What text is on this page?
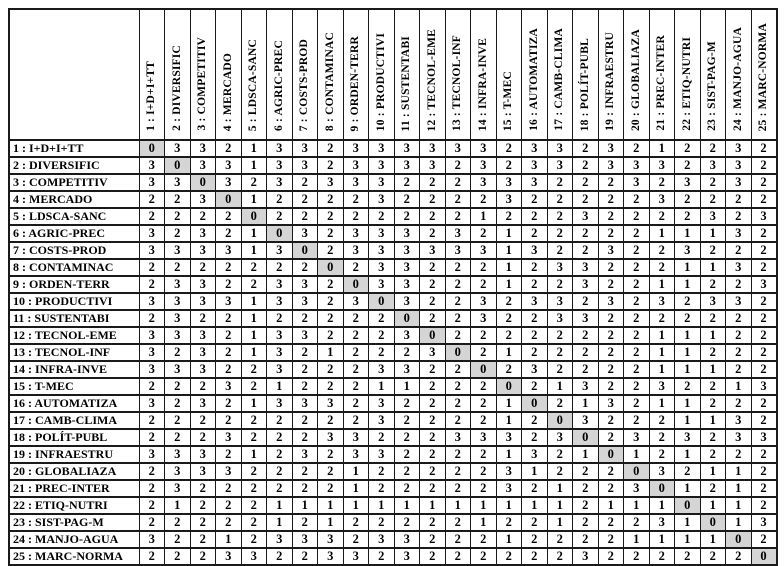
	1 : I+D+I+TT	2 : DIVERSIFIC	3 : COMPETITIV	4 : MERCADO	5 : LDSCA-SANC	6 : AGRIC-PREC	7 : COSTS-PROD	8 : CONTAMINAC	9 : ORDEN-TERR	10 : PRODUCTIVI	11 : SUSTENTABI	12 : TECNOL-EME	13 : TECNOL-INF	14 : INFRA-INVE	15 : T-MEC	16 : AUTOMATIZA	17 : CAMB-CLIMA	18 : POLÍT-PUBL	19 : INFRAESTRU	20 : GLOBALIAZA	21 : PREC-INTER	22 : ETIQ-NUTRI	23 : SIST-PAG-M	24 : MANJO-AGUA	25 : MARC-NORMA
1 : I+D+I+TT	0	3	3	2	1	3	3	2	3	3	3	3	3	3	2	3	3	2	3	2	1	2	2	3	2
2 : DIVERSIFIC	3	0	3	3	1	3	3	2	3	3	3	3	2	3	2	3	3	2	3	3	3	2	3	3	2
3 : COMPETITIV	3	3	0	3	2	3	2	3	3	3	2	2	2	3	3	3	2	2	2	3	2	3	2	3	2
4 : MERCADO	2	2	3	0	1	2	2	2	2	3	2	2	2	2	3	2	2	2	2	2	3	2	2	2	2
5 : LDSCA-SANC	2	2	2	2	0	2	2	2	2	2	2	2	2	1	2	2	2	3	2	2	2	2	3	2	3
6 : AGRIC-PREC	3	2	3	2	1	0	3	2	3	3	3	2	3	2	1	2	2	2	2	2	1	1	1	3	2
7 : COSTS-PROD	3	3	3	3	1	3	0	2	3	3	3	3	3	3	1	3	2	2	3	2	2	3	2	2	2
8 : CONTAMINAC	2	2	2	2	2	2	2	0	2	3	3	2	2	2	1	2	3	3	2	2	2	1	1	3	2
9 : ORDEN-TERR	2	3	3	2	2	3	3	2	0	3	3	2	2	2	1	2	2	3	2	2	1	1	2	2	3
10 : PRODUCTIVI	3	3	3	3	1	3	3	2	3	0	3	2	2	3	2	3	3	2	3	2	3	2	3	3	2
11 : SUSTENTABI	2	3	2	2	1	2	2	2	2	2	0	2	2	3	2	2	3	3	2	2	2	2	2	2	2
12 : TECNOL-EME	3	3	3	2	1	3	3	2	2	2	3	0	2	2	2	2	2	2	2	2	1	1	1	2	2
13 : TECNOL-INF	3	2	3	2	1	3	2	1	2	2	2	3	0	2	1	2	2	2	2	2	1	1	2	2	2
14 : INFRA-INVE	3	3	3	2	2	3	2	2	2	3	3	2	2	0	2	3	2	2	2	2	1	1	1	2	2
15 : T-MEC	2	2	2	3	2	1	2	2	2	1	1	2	2	2	0	2	1	3	2	2	3	2	2	1	3
16 : AUTOMATIZA	3	2	3	2	1	3	3	3	2	3	2	2	2	2	1	0	2	1	3	2	1	1	2	2	2
17 : CAMB-CLIMA	2	2	2	2	2	2	2	2	2	3	2	2	2	2	1	2	0	3	2	2	2	1	1	3	2
18 : POLÍT-PUBL	2	2	2	3	2	2	2	3	3	2	2	2	3	3	3	2	3	0	2	3	2	3	2	3	3
19 : INFRAESTRU	3	3	3	2	1	2	3	2	3	3	2	2	2	2	1	3	2	1	0	1	2	1	2	2	2
20 : GLOBALIAZA	2	3	3	3	2	2	2	2	1	2	2	2	2	2	3	1	2	2	2	0	3	2	1	1	2
21 : PREC-INTER	2	3	2	2	2	2	2	2	1	2	2	2	2	2	3	2	1	2	2	3	0	1	2	1	2
22 : ETIQ-NUTRI	2	1	2	2	2	1	1	1	1	1	1	1	1	1	1	1	1	2	1	1	1	0	1	1	2
23 : SIST-PAG-M	2	2	2	2	2	1	2	1	2	2	2	2	2	1	2	2	1	2	2	2	3	1	0	1	3
24 : MANJO-AGUA	3	2	2	1	2	3	3	3	2	3	3	2	2	2	1	2	2	2	2	1	1	1	1	0	2
25 : MARC-NORMA	2	2	2	3	3	2	2	3	3	2	3	2	2	2	2	2	2	3	2	2	2	2	2	2	0
